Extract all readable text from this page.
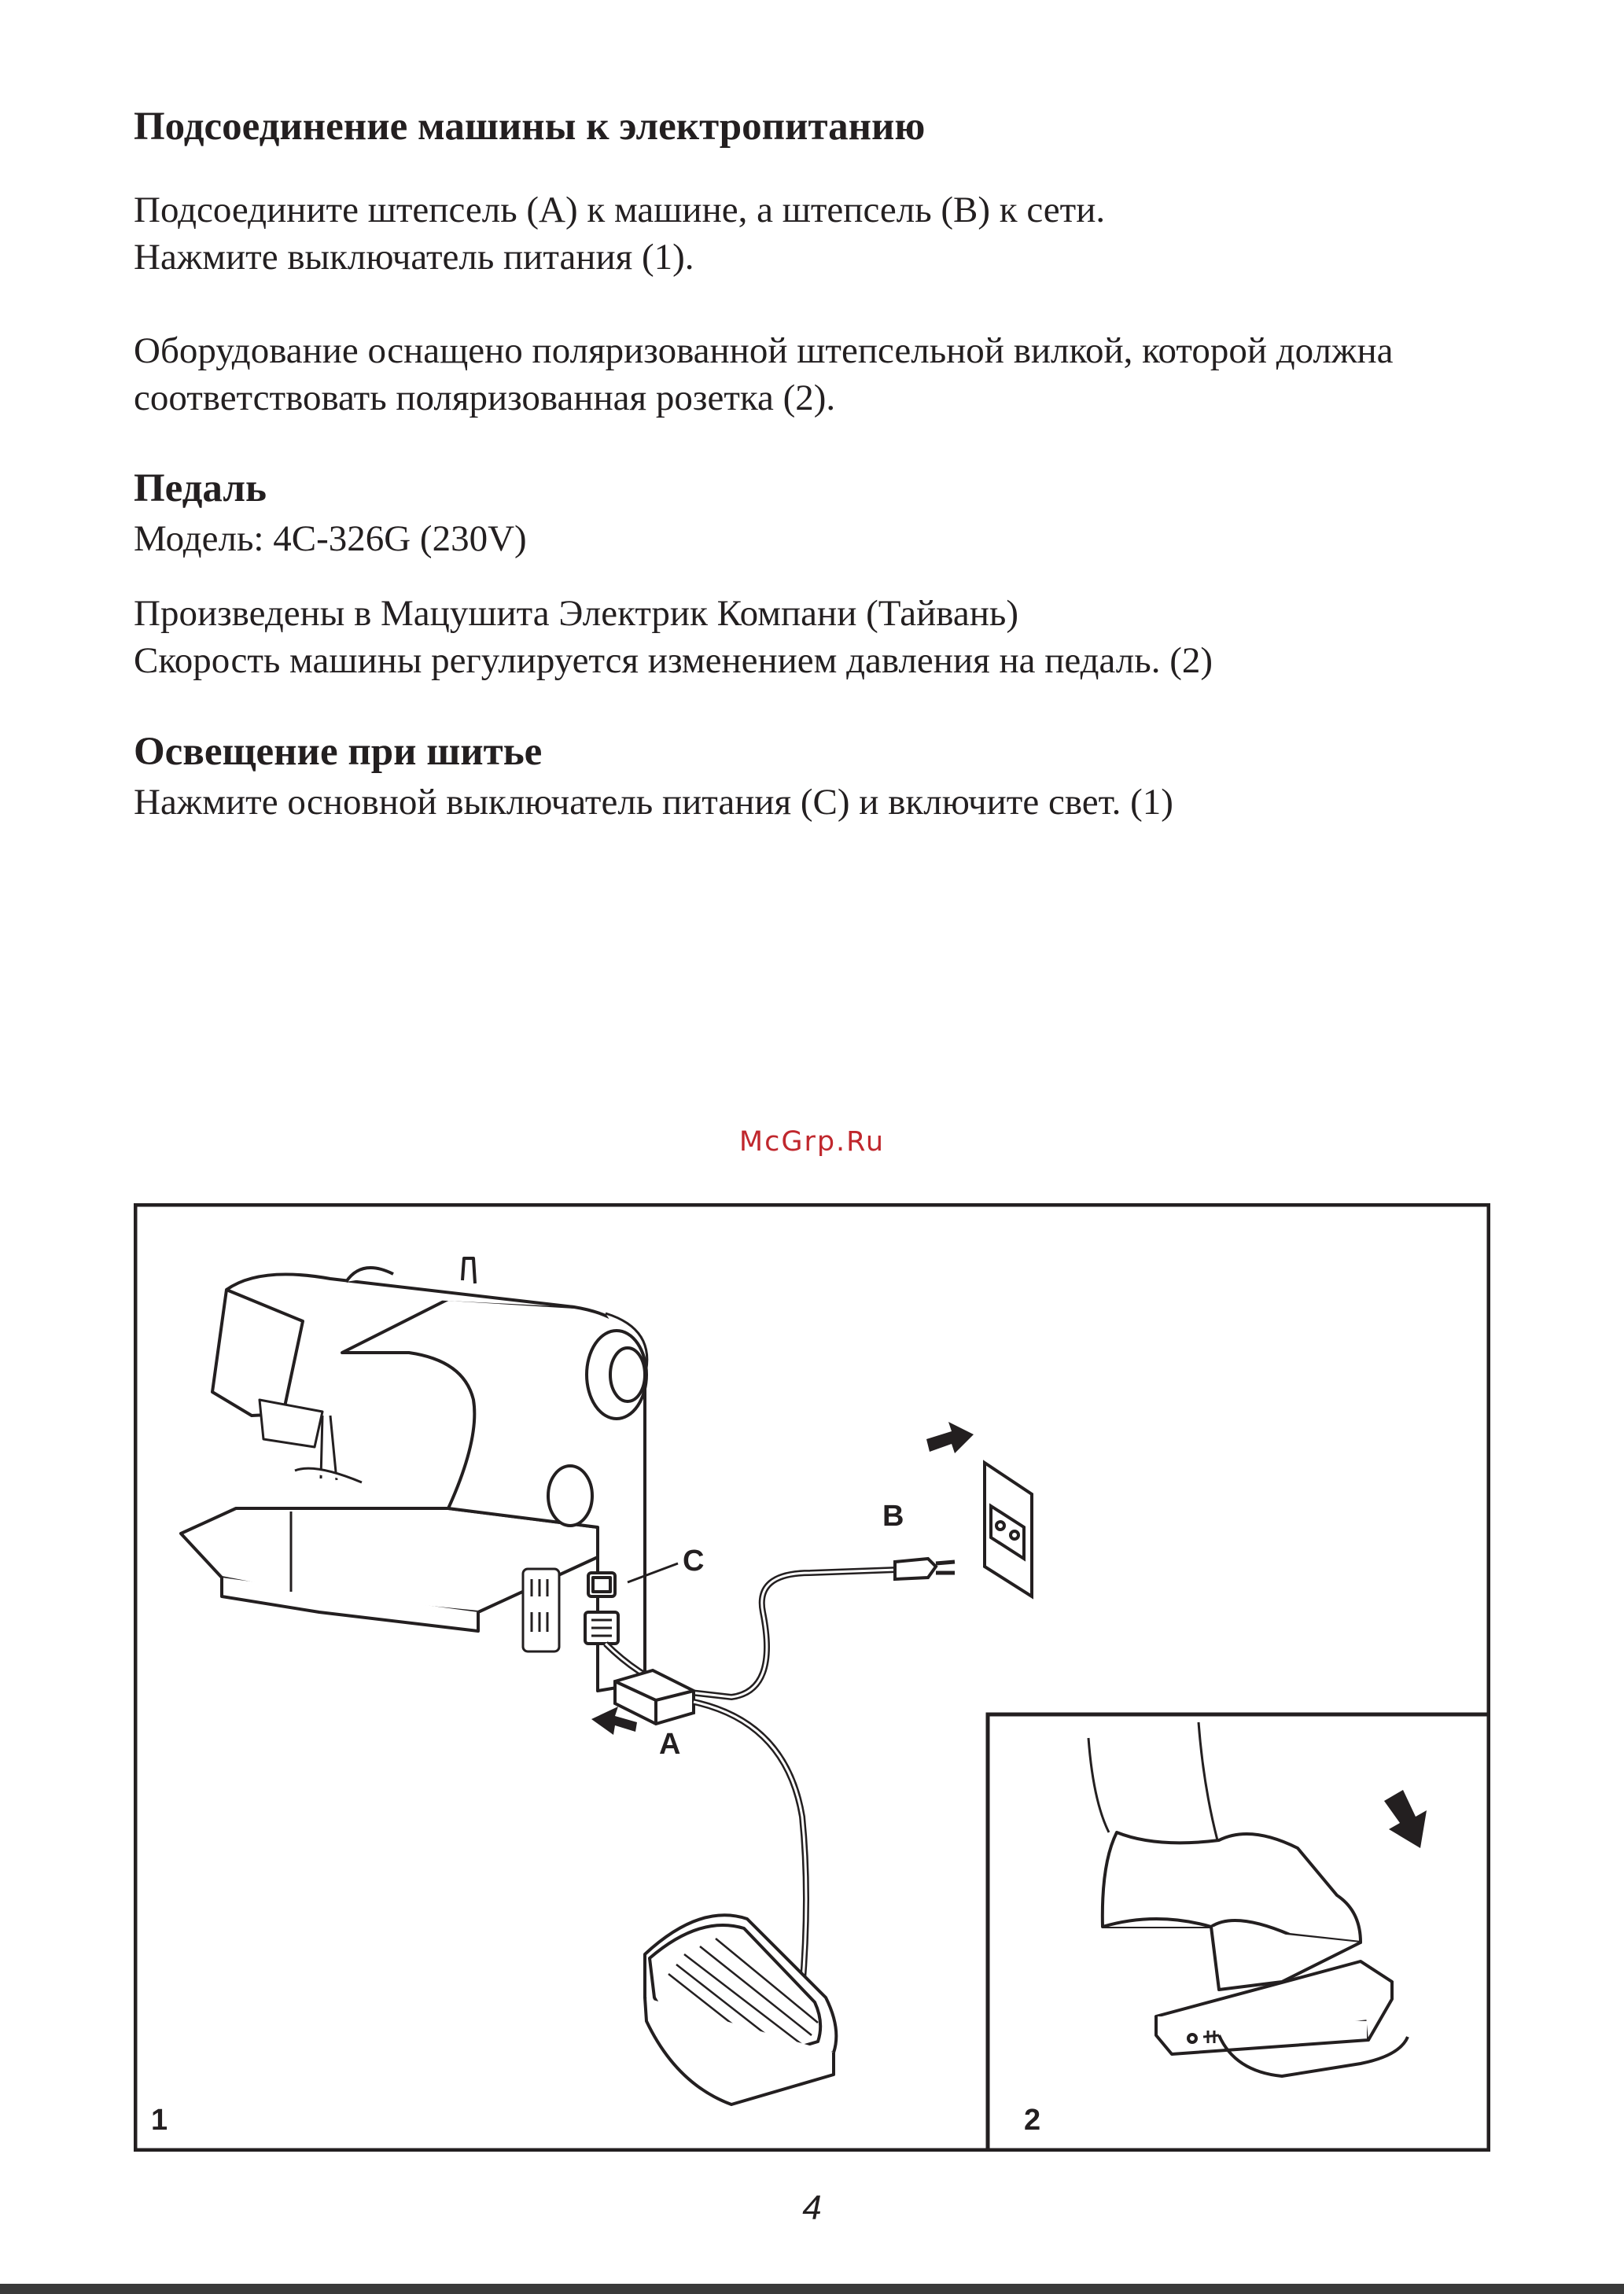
Подсоединение машины к электропитанию
Подсоедините штепсель (А) к машине, а штепсель (В) к сети.
Нажмите выключатель питания (1).
Оборудование оснащено поляризованной штепсельной вилкой, которой должна
соответствовать поляризованная розетка (2).
Педаль
Модель: 4C-326G (230V)
Произведены в Мацушита Электрик Компани (Тайвань)
Скорость машины регулируется изменением давления на педаль. (2)
Освещение при шитье
Нажмите основной выключатель питания (C) и включите свет. (1)
McGrp.Ru
B
C
A
1	2
4
